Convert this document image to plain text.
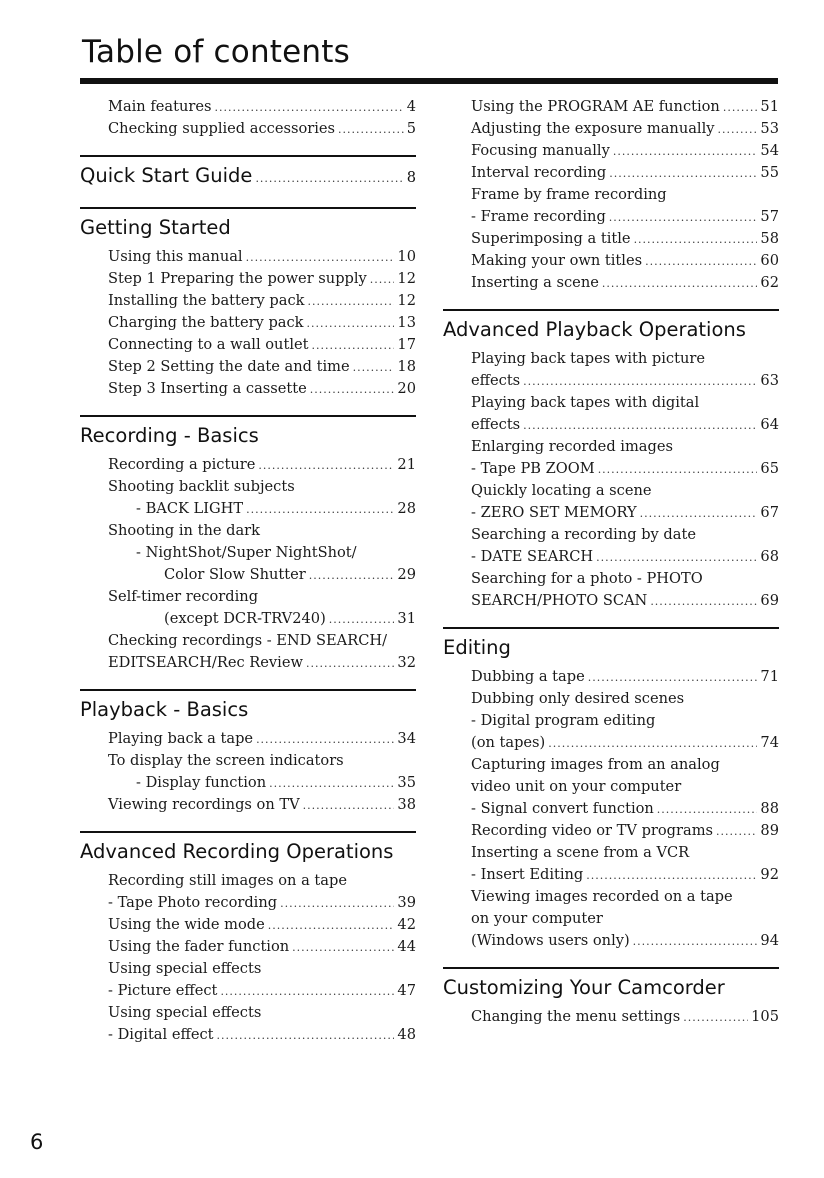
Table of contents
Main features .....	4
Checking supplied accessories .....	5
Quick Start Guide .....	8
Getting Started
Using this manual .....	10
Step 1 Preparing the power supply ..... 12
Installing the battery pack .....	12
Charging the battery pack .....	13
Connecting to a wall outlet .....	17
Step 2 Setting the date and time .....	18
Step 3 Inserting a cassette .....	20
Recording - Basics
Recording a picture .....	21
Shooting backlit subjects
- BACK LIGHT .....	28
Shooting in the dark
- NightShot/Super NightShot/
Color Slow Shutter .....	29
Self-timer recording
(except DCR-TRV240) .....	31
Checking recordings - END SEARCH/
EDITSEARCH/Rec Review .....	32
Playback - Basics
Playing back a tape .....	34
To display the screen indicators
- Display function .....	35
Viewing recordings on TV .....	38
Advanced Recording Operations
Recording still images on a tape
- Tape Photo recording .....	39
Using the wide mode .....	42
Using the fader function .....	44
Using special effects
- Picture effect .....	47
Using special effects
- Digital effect .....	48
Using the PROGRAM AE function .....	51
Adjusting the exposure manually .....	53
Focusing manually .....	54
Interval recording .....	55
Frame by frame recording
- Frame recording .....	57
Superimposing a title .....	58
Making your own titles .....	60
Inserting a scene .....	62
Advanced Playback Operations
Playing back tapes with picture
effects .....	63
Playing back tapes with digital
effects .....	64
Enlarging recorded images
- Tape PB ZOOM .....	65
Quickly locating a scene
- ZERO SET MEMORY .....	67
Searching a recording by date
- DATE SEARCH .....	68
Searching for a photo - PHOTO
SEARCH/PHOTO SCAN .....	69
Editing
Dubbing a tape .....	71
Dubbing only desired scenes
- Digital program editing
(on tapes) .....	74
Capturing images from an analog
video unit on your computer
- Signal convert function .....	88
Recording video or TV programs .....	89
Inserting a scene from a VCR
- Insert Editing .....	92
Viewing images recorded on a tape
on your computer
(Windows users only) .....	94
Customizing Your Camcorder
Changing the menu settings .....	105
6
